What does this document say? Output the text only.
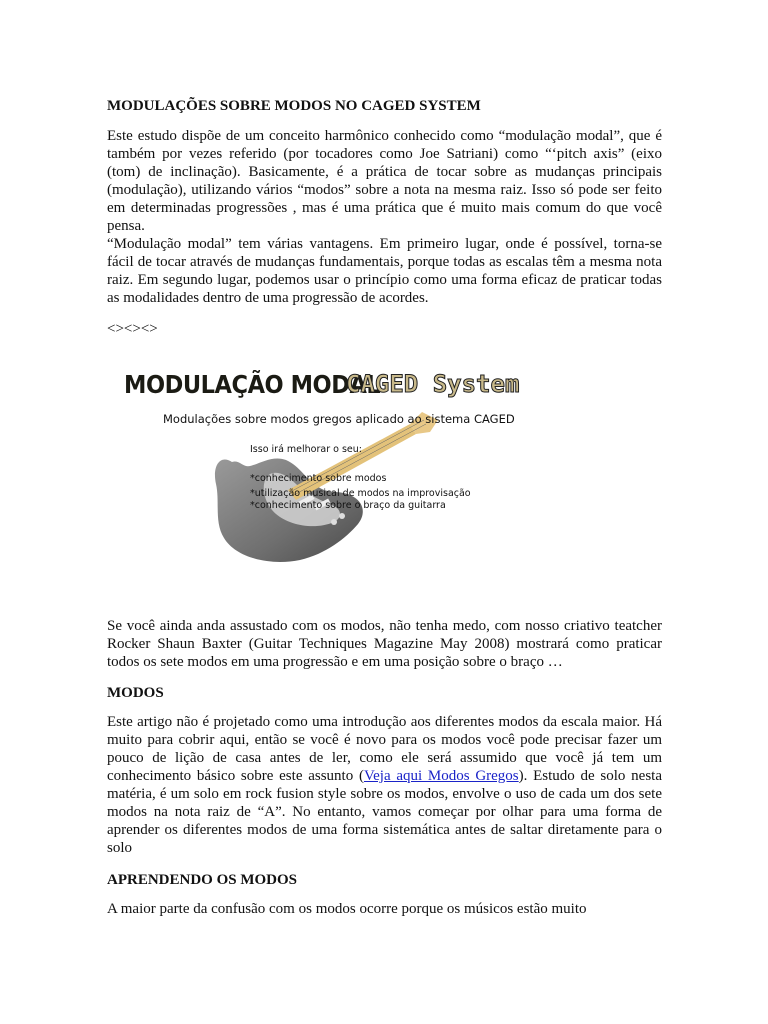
MODULAÇÕES SOBRE MODOS NO CAGED SYSTEM

Este estudo dispõe de um conceito harmônico conhecido como “modulação modal”, que é também por vezes referido (por tocadores como Joe Satriani) como “‘pitch axis” (eixo (tom) de inclinação). Basicamente, é a prática de tocar sobre as mudanças principais (modulação), utilizando vários “modos” sobre a nota na mesma raiz. Isso só pode ser feito em determinadas progressões , mas é uma prática que é muito mais comum do que você pensa.

“Modulação modal” tem várias vantagens. Em primeiro lugar, onde é possível, torna-se fácil de tocar através de mudanças fundamentais, porque todas as escalas têm a mesma nota raiz. Em segundo lugar, podemos usar o princípio como uma forma eficaz de praticar todas as modalidades dentro de uma progressão de acordes.

<><><>
MODULAÇÃO MODAL
CAGED System
Modulações sobre modos gregos aplicado ao sistema CAGED
Isso irá melhorar o seu:
*conhecimento sobre modos
*utilização musical de modos na improvisação
*conhecimento sobre o braço da guitarra

Se você ainda anda assustado com os modos, não tenha medo, com nosso criativo teatcher Rocker Shaun Baxter (Guitar Techniques Magazine May 2008) mostrará como praticar todos os sete modos em uma progressão e em uma posição sobre o braço …

MODOS

Este artigo não é projetado como uma introdução aos diferentes modos da escala maior. Há muito para cobrir aqui, então se você é novo para os modos você pode precisar fazer um pouco de lição de casa antes de ler, como ele será assumido que você já tem um conhecimento básico sobre este assunto (Veja aqui Modos Gregos). Estudo de solo nesta matéria, é um solo em rock fusion style sobre os modos, envolve o uso de cada um dos sete modos na nota raiz de “A”. No entanto, vamos começar por olhar para uma forma de aprender os diferentes modos de uma forma sistemática antes de saltar diretamente para o solo

APRENDENDO OS MODOS

A maior parte da confusão com os modos ocorre porque os músicos estão muito
